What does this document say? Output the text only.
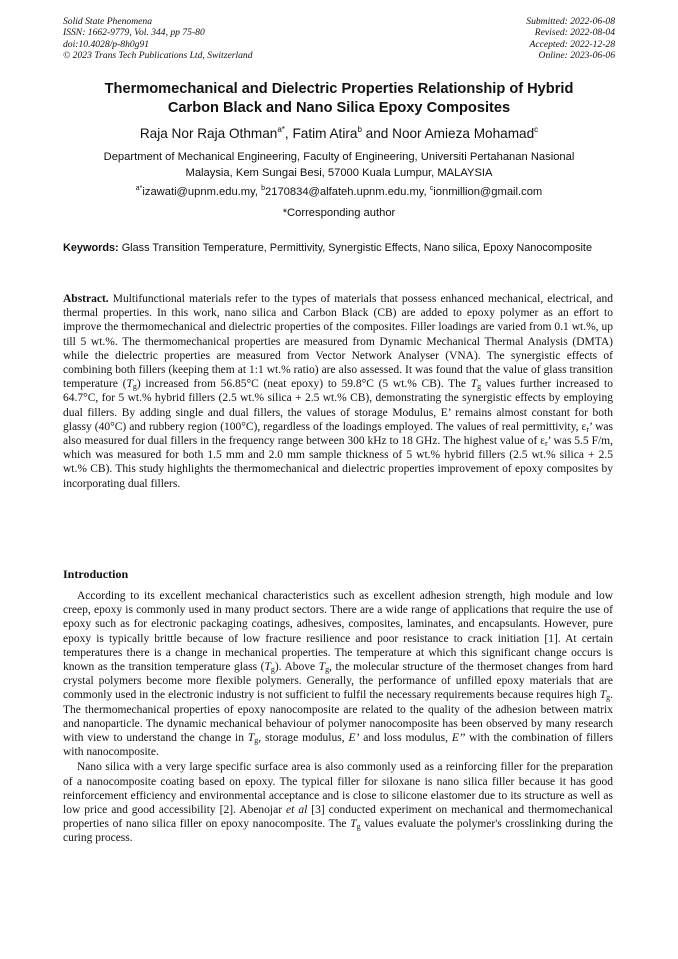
Solid State Phenomena
ISSN: 1662-9779, Vol. 344, pp 75-80
doi:10.4028/p-8h0g91
© 2023 Trans Tech Publications Ltd, Switzerland
Submitted: 2022-06-08
Revised: 2022-08-04
Accepted: 2022-12-28
Online: 2023-06-06
Thermomechanical and Dielectric Properties Relationship of Hybrid
Carbon Black and Nano Silica Epoxy Composites
Raja Nor Raja Othman$^{a*}$, Fatim Atira$^b$ and Noor Amieza Mohamad$^c$
Department of Mechanical Engineering, Faculty of Engineering, Universiti Pertahanan Nasional
Malaysia, Kem Sungai Besi, 57000 Kuala Lumpur, MALAYSIA
$^{a*}$izawati@upnm.edu.my, $^b$2170834@alfateh.upnm.edu.my, $^c$ionmillion@gmail.com
*Corresponding author
Keywords: Glass Transition Temperature, Permittivity, Synergistic Effects, Nano silica, Epoxy Nanocomposite
Abstract. Multifunctional materials refer to the types of materials that possess enhanced mechanical, electrical, and thermal properties. In this work, nano silica and Carbon Black (CB) are added to epoxy polymer as an effort to improve the thermomechanical and dielectric properties of the composites. Filler loadings are varied from 0.1 wt.%, up till 5 wt.%. The thermomechanical properties are measured from Dynamic Mechanical Thermal Analysis (DMTA) while the dielectric properties are measured from Vector Network Analyser (VNA). The synergistic effects of combining both fillers (keeping them at 1:1 wt.% ratio) are also assessed. It was found that the value of glass transition temperature $(T_g)$ increased from 56.85°C (neat epoxy) to 59.8°C (5 wt.% CB). The $T_g$ values further increased to 64.7°C, for 5 wt.% hybrid fillers (2.5 wt.% silica + 2.5 wt.% CB), demonstrating the synergistic effects by employing dual fillers. By adding single and dual fillers, the values of storage Modulus, E’ remains almost constant for both glassy (40°C) and rubbery region (100°C), regardless of the loadings employed. The values of real permittivity, ɛ$_r$’ was also measured for dual fillers in the frequency range between 300 kHz to 18 GHz. The highest value of ɛ$_r$’ was 5.5 F/m, which was measured for both 1.5 mm and 2.0 mm sample thickness of 5 wt.% hybrid fillers (2.5 wt.% silica + 2.5 wt.% CB). This study highlights the thermomechanical and dielectric properties improvement of epoxy composites by incorporating dual fillers.
Introduction

According to its excellent mechanical characteristics such as excellent adhesion strength, high module and low creep, epoxy is commonly used in many product sectors. There are a wide range of applications that require the use of epoxy such as for electronic packaging coatings, adhesives, composites, laminates, and encapsulants. However, pure epoxy is typically brittle because of low fracture resilience and poor resistance to crack initiation [1]. At certain temperatures there is a change in mechanical properties. The temperature at which this significant change occurs is known as the transition temperature glass $(T_g)$. Above $T_g$, the molecular structure of the thermoset changes from hard crystal polymers become more flexible polymers. Generally, the performance of unfilled epoxy materials that are commonly used in the electronic industry is not sufficient to fulfil the necessary requirements because requires high $T_g$. The thermomechanical properties of epoxy nanocomposite are related to the quality of the adhesion between matrix and nanoparticle. The dynamic mechanical behaviour of polymer nanocomposite has been observed by many research with view to understand the change in $T_g$, storage modulus, E’ and loss modulus, E’’ with the combination of fillers with nanocomposite.

Nano silica with a very large specific surface area is also commonly used as a reinforcing filler for the preparation of a nanocomposite coating based on epoxy. The typical filler for siloxane is nano silica filler because it has good reinforcement efficiency and environmental acceptance and is close to silicone elastomer due to its structure as well as low price and good accessibility [2]. Abenojar et al [3] conducted experiment on mechanical and thermomechanical properties of nano silica filler on epoxy nanocomposite. The $T_g$ values evaluate the polymer's crosslinking during the curing process.
